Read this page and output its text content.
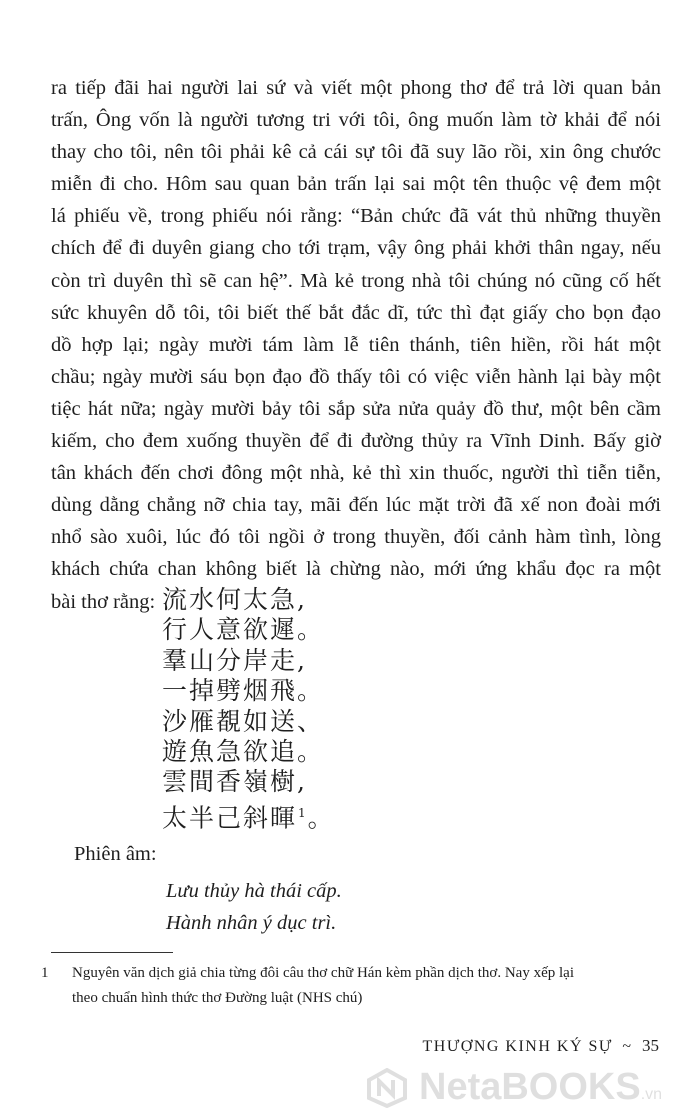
ra tiếp đãi hai người lai sứ và viết một phong thơ để trả lời quan bản
trấn, Ông vốn là người tương tri với tôi, ông muốn làm tờ khải để nói
thay cho tôi, nên tôi phải kê cả cái sự tôi đã suy lão rồi, xin ông chước
miễn đi cho. Hôm sau quan bản trấn lại sai một tên thuộc vệ đem một
lá phiếu về, trong phiếu nói rằng: “Bản chức đã vát thủ những thuyền
chích để đi duyên giang cho tới trạm, vậy ông phải khởi thân ngay, nếu
còn trì duyên thì sẽ can hệ”. Mà kẻ trong nhà tôi chúng nó cũng cố hết
sức khuyên dỗ tôi, tôi biết thế bắt đắc dĩ, tức thì đạt giấy cho bọn đạo
dồ hợp lại; ngày mười tám làm lễ tiên thánh, tiên hiền, rồi hát một
chầu; ngày mười sáu bọn đạo đồ thấy tôi có việc viễn hành lại bày một
tiệc hát nữa; ngày mười bảy tôi sắp sửa nửa quảy đồ thư, một bên cầm
kiếm, cho đem xuống thuyền để đi đường thủy ra Vĩnh Dinh. Bấy giờ
tân khách đến chơi đông một nhà, kẻ thì xin thuốc, người thì tiễn tiễn,
dùng dằng chẳng nỡ chia tay, mãi đến lúc mặt trời đã xế non đoài mới
nhổ sào xuôi, lúc đó tôi ngồi ở trong thuyền, đối cảnh hàm tình, lòng
khách chứa chan không biết là chừng nào, mới ứng khẩu đọc ra một
bài thơ rằng: 流水何太急,
行人意欲遲。
羣山分岸走,
一掉劈烟飛。
沙雁覩如送、
遊魚急欲追。
雲間香嶺樹,
太半己斜暉$^1$。
Phiên âm:
Lưu thủy hà thái cấp.
Hành nhân ý dục trì.
1 Nguyên văn dịch giả chia từng đôi câu thơ chữ Hán kèm phần dịch thơ. Nay xếp lại
theo chuẩn hình thức thơ Đường luật (NHS chú)
THƯỢNG KINH KÝ SỰ ~ 35
NetaBOOKS.vn
